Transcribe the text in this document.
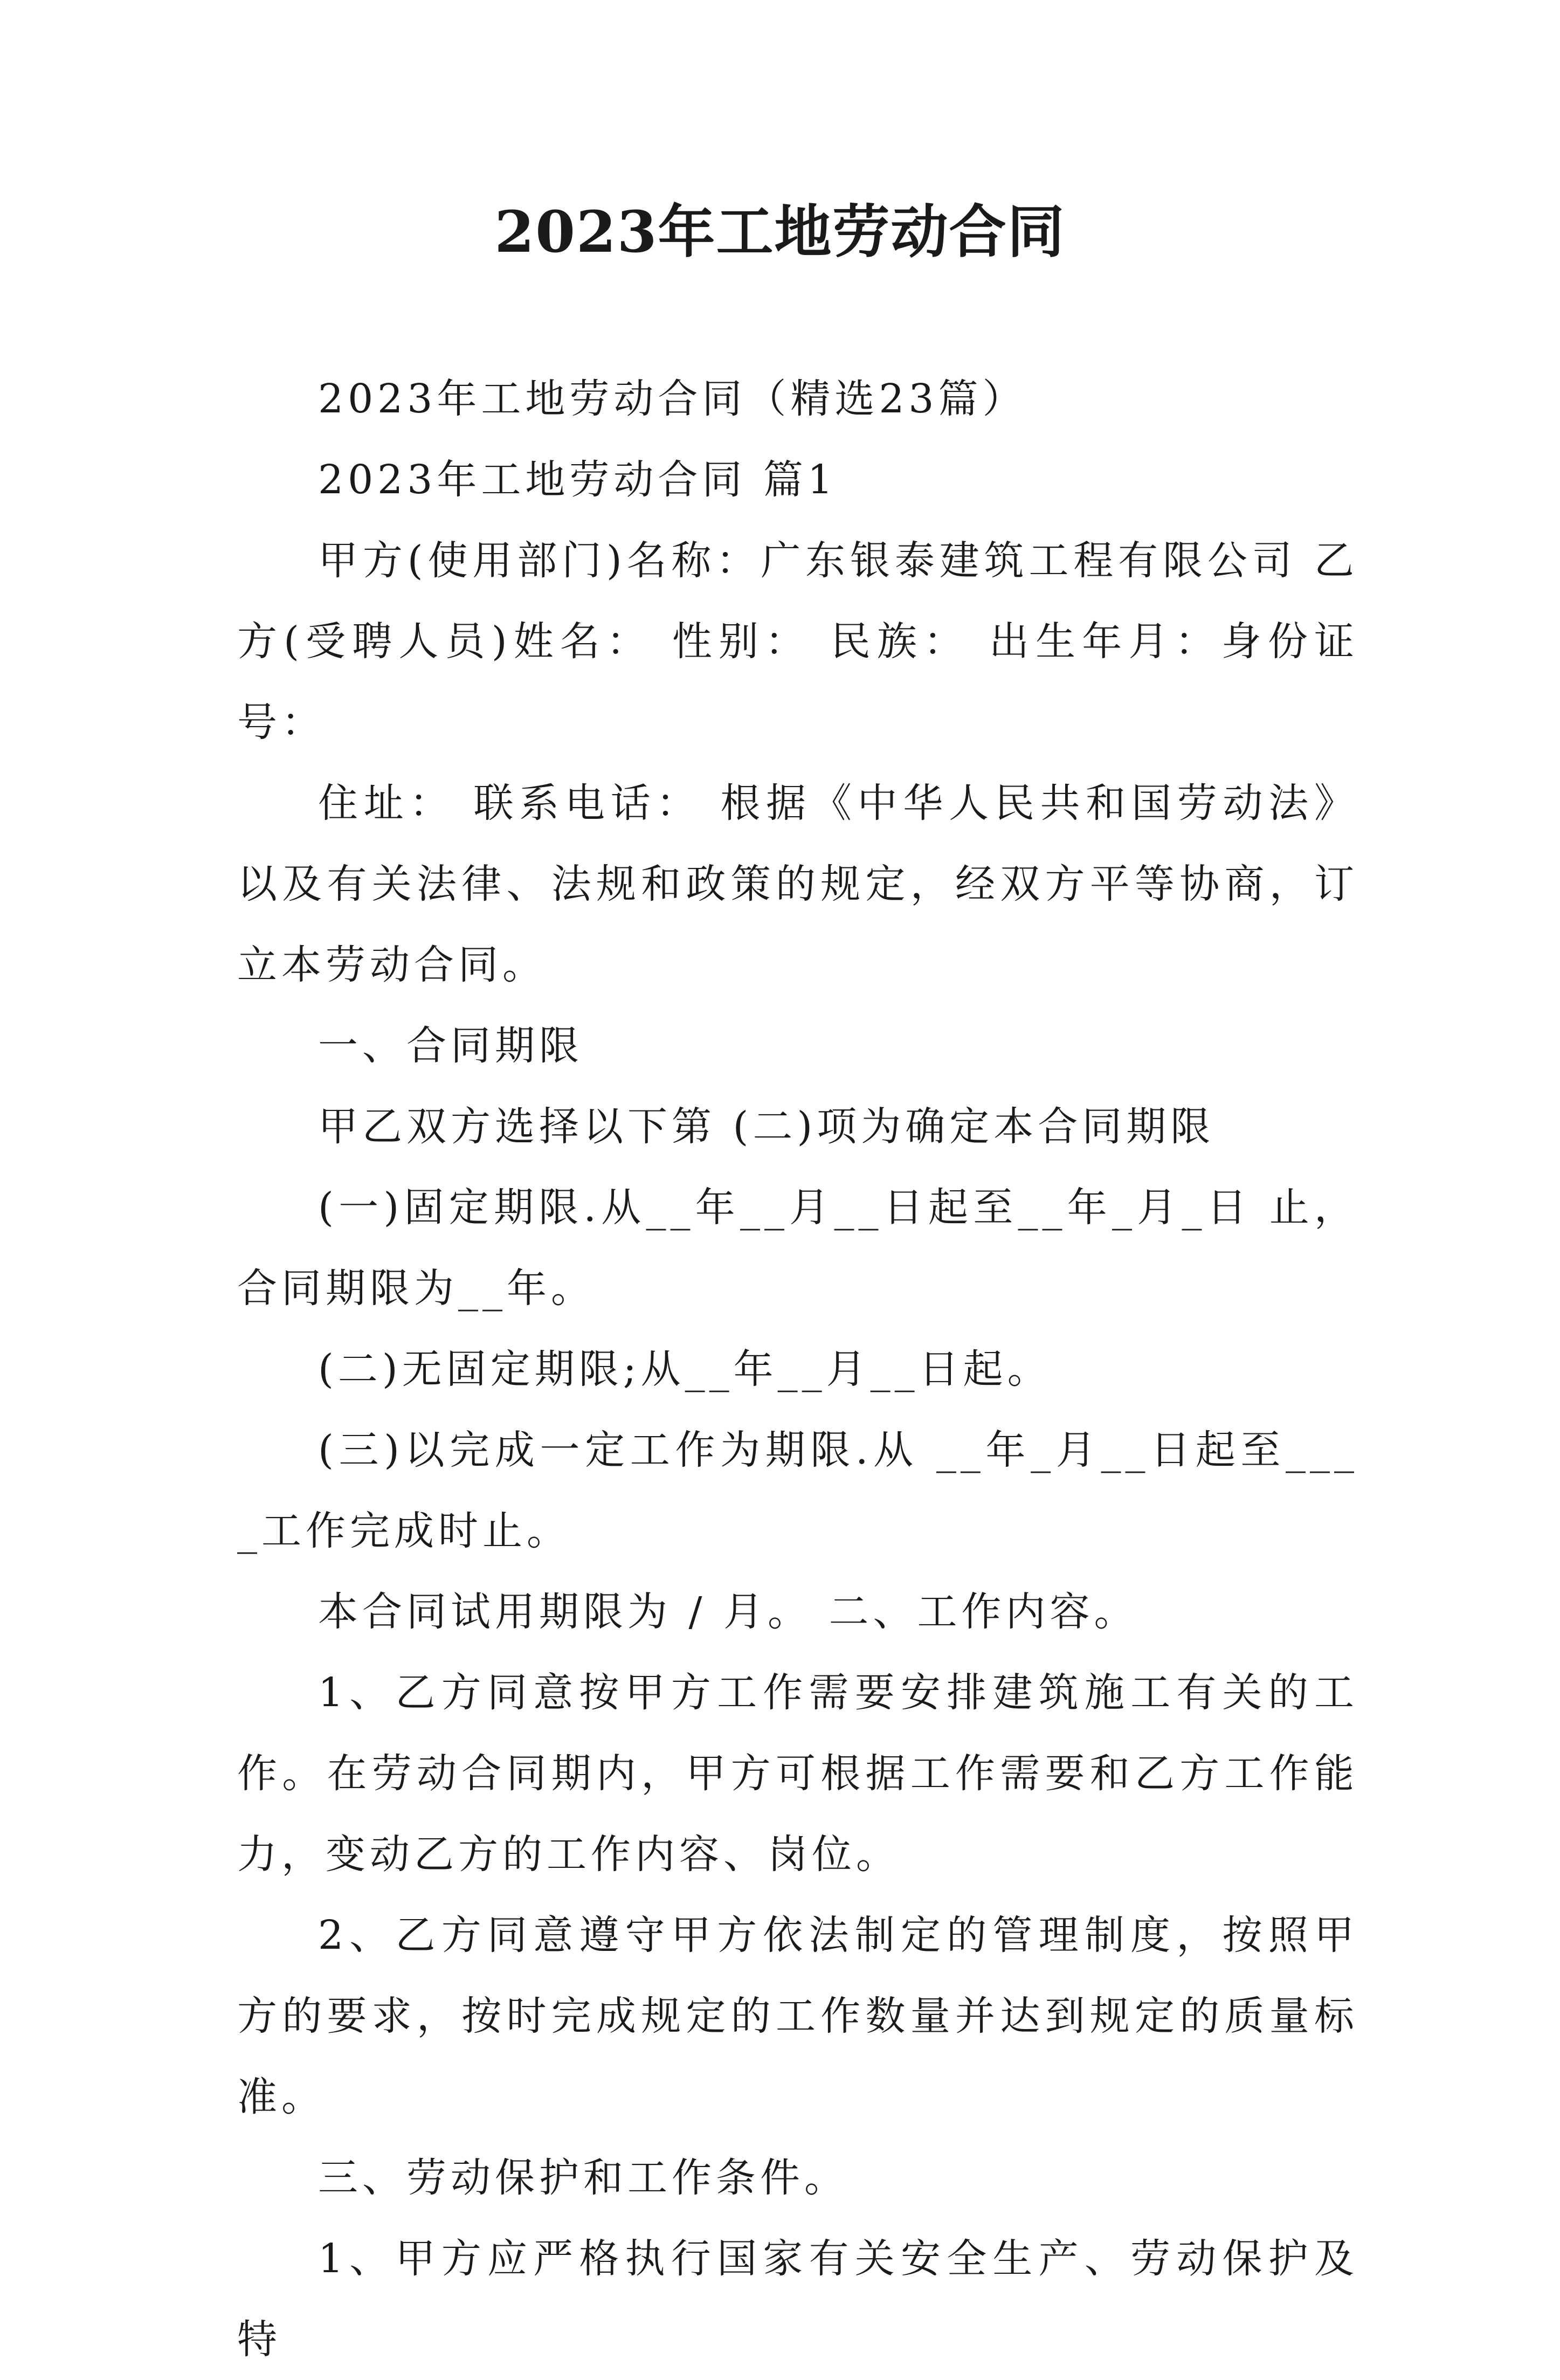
2023年工地劳动合同

2023年工地劳动合同（精选23篇）

2023年工地劳动合同 篇1

甲方(使用部门)名称：广东银泰建筑工程有限公司 乙方(受聘人员)姓名： 性别： 民族： 出生年月：身份证号：

住址： 联系电话： 根据《中华人民共和国劳动法》以及有关法律、法规和政策的规定，经双方平等协商，订立本劳动合同。

一、合同期限

甲乙双方选择以下第 (二)项为确定本合同期限

(一)固定期限.从__年__月__日起至__年_月_日 止，合同期限为__年。

(二)无固定期限;从__年__月__日起。

(三)以完成一定工作为期限.从 __年_月__日起至____工作完成时止。

本合同试用期限为 / 月。 二、工作内容。

1、乙方同意按甲方工作需要安排建筑施工有关的工作。在劳动合同期内，甲方可根据工作需要和乙方工作能力，变动乙方的工作内容、岗位。

2、乙方同意遵守甲方依法制定的管理制度，按照甲方的要求，按时完成规定的工作数量并达到规定的质量标准。

三、劳动保护和工作条件。

1、甲方应严格执行国家有关安全生产、劳动保护及特
